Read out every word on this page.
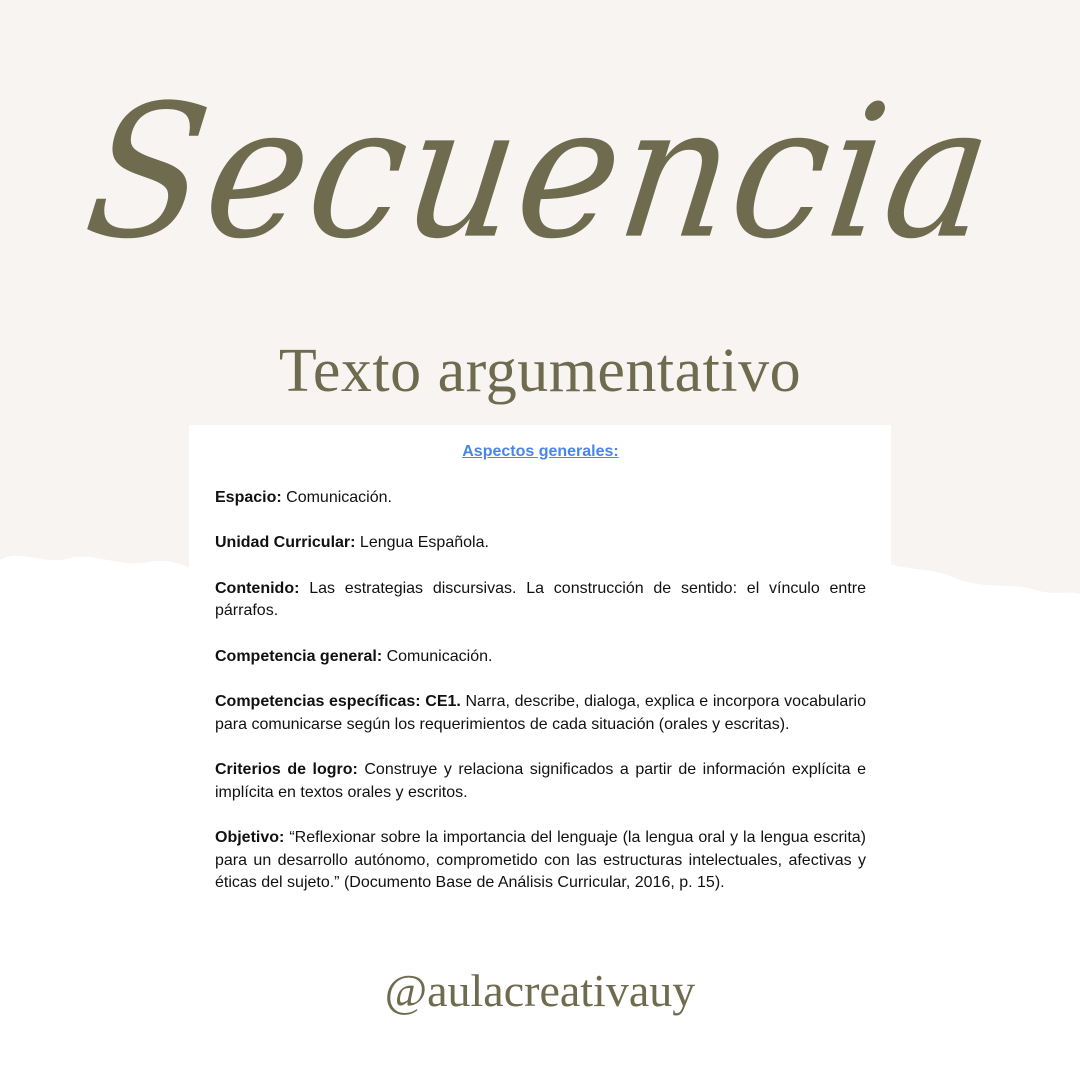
Secuencia
Texto argumentativo
Aspectos generales:

Espacio: Comunicación.

Unidad Curricular: Lengua Española.

Contenido: Las estrategias discursivas. La construcción de sentido: el vínculo entre párrafos.

Competencia general: Comunicación.

Competencias específicas: CE1. Narra, describe, dialoga, explica e incorpora vocabulario para comunicarse según los requerimientos de cada situación (orales y escritas).

Criterios de logro: Construye y relaciona significados a partir de información explícita e implícita en textos orales y escritos.

Objetivo: “Reflexionar sobre la importancia del lenguaje (la lengua oral y la lengua escrita) para un desarrollo autónomo, comprometido con las estructuras intelectuales, afectivas y éticas del sujeto.” (Documento Base de Análisis Curricular, 2016, p. 15).

@aulacreativauy
